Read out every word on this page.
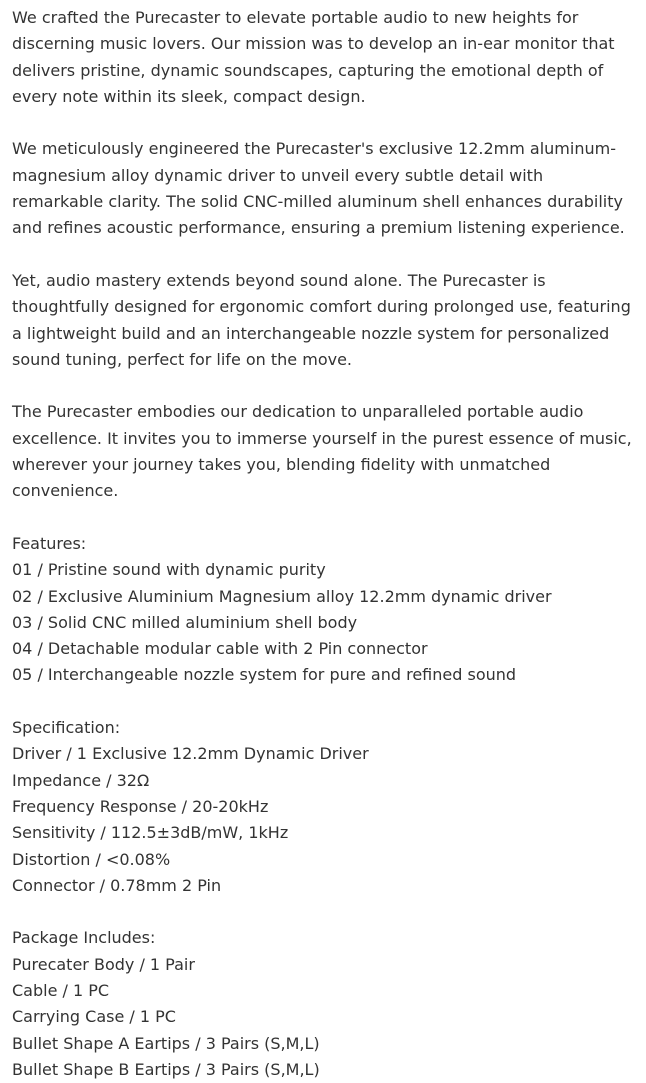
We crafted the Purecaster to elevate portable audio to new heights for discerning music lovers. Our mission was to develop an in-ear monitor that delivers pristine, dynamic soundscapes, capturing the emotional depth of every note within its sleek, compact design.

We meticulously engineered the Purecaster's exclusive 12.2mm aluminum-magnesium alloy dynamic driver to unveil every subtle detail with remarkable clarity. The solid CNC-milled aluminum shell enhances durability and refines acoustic performance, ensuring a premium listening experience.

Yet, audio mastery extends beyond sound alone. The Purecaster is thoughtfully designed for ergonomic comfort during prolonged use, featuring a lightweight build and an interchangeable nozzle system for personalized sound tuning, perfect for life on the move.

The Purecaster embodies our dedication to unparalleled portable audio excellence. It invites you to immerse yourself in the purest essence of music, wherever your journey takes you, blending fidelity with unmatched convenience.

Features:
01 / Pristine sound with dynamic purity
02 / Exclusive Aluminium Magnesium alloy 12.2mm dynamic driver
03 / Solid CNC milled aluminium shell body
04 / Detachable modular cable with 2 Pin connector
05 / Interchangeable nozzle system for pure and refined sound
Specification:
Driver / 1 Exclusive 12.2mm Dynamic Driver
Impedance / 32Ω
Frequency Response / 20-20kHz
Sensitivity / 112.5±3dB/mW, 1kHz
Distortion / <0.08%
Connector / 0.78mm 2 Pin
Package Includes:
Purecater Body / 1 Pair
Cable / 1 PC
Carrying Case / 1 PC
Bullet Shape A Eartips / 3 Pairs (S,M,L)
Bullet Shape B Eartips / 3 Pairs (S,M,L)
